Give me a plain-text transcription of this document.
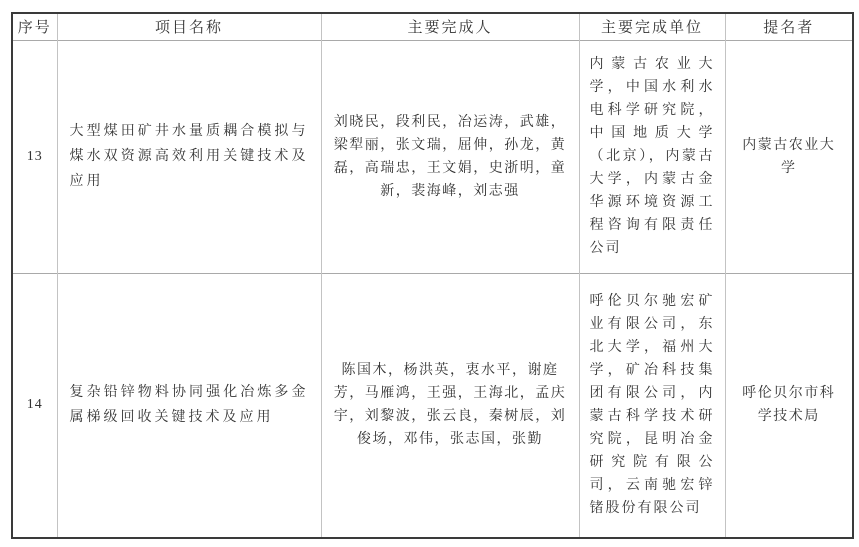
序号	项目名称	主要完成人	主要完成单位	提名者
13	大型煤田矿井水量质耦合模拟与煤水双资源高效利用关键技术及应用	刘晓民，段利民，冶运涛，武雄，梁犁丽，张文瑞，屈伸，孙龙，黄磊，高瑞忠，王文娟，史浙明，童新，裴海峰，刘志强	内蒙古农业大学，中国水利水电科学研究院，中国地质大学（北京），内蒙古大学，内蒙古金华源环境资源工程咨询有限责任公司	内蒙古农业大学
14	复杂铅锌物料协同强化冶炼多金属梯级回收关键技术及应用	陈国木，杨洪英，衷水平，谢庭芳，马雁鸿，王强，王海北，孟庆宇，刘黎波，张云良，秦树辰，刘俊场，邓伟，张志国，张勤	呼伦贝尔驰宏矿业有限公司，东北大学，福州大学，矿冶科技集团有限公司，内蒙古科学技术研究院，昆明冶金研究院有限公司，云南驰宏锌锗股份有限公司	呼伦贝尔市科学技术局
